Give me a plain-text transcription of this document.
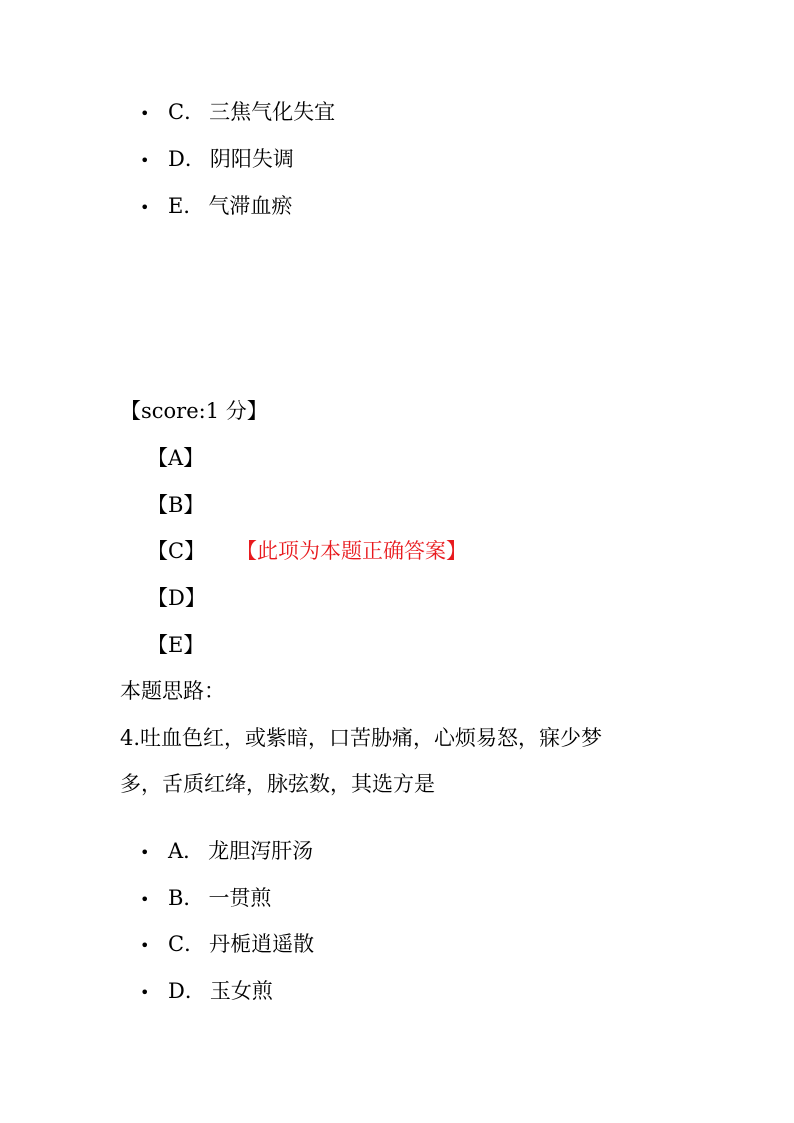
• C． 三焦气化失宜
• D． 阴阳失调
• E． 气滞血瘀
【score:1 分】
【A】
【B】
【C】 【此项为本题正确答案】
【D】
【E】
本题思路：
4.吐血色红，或紫暗，口苦胁痛，心烦易怒，寐少梦
多，舌质红绛，脉弦数，其选方是
• A． 龙胆泻肝汤
• B． 一贯煎
• C． 丹栀逍遥散
• D． 玉女煎
